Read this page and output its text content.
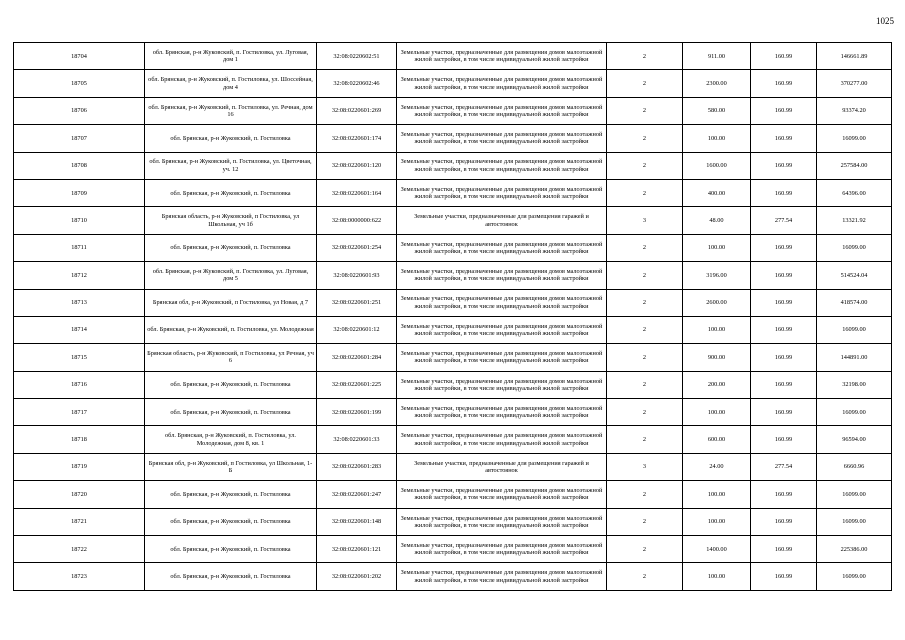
1025
18704	обл. Брянская, р-н Жуковский, п. Гостиловка, ул. Луговая, дом 1	32:08:0220602:51	Земельные участки, предназначенные для размещения домов малоэтажной жилой застройки, в том числе индивидуальной жилой застройки	2	911.00	160.99	146661.89
18705	обл. Брянская, р-н Жуковский, п. Гостиловка, ул. Шоссейная, дом 4	32:08:0220602:46	Земельные участки, предназначенные для размещения домов малоэтажной жилой застройки, в том числе индивидуальной жилой застройки	2	2300.00	160.99	370277.00
18706	обл. Брянская, р-н Жуковский, п. Гостиловка, ул. Речная, дом 16	32:08:0220601:269	Земельные участки, предназначенные для размещения домов малоэтажной жилой застройки, в том числе индивидуальной жилой застройки	2	580.00	160.99	93374.20
18707	обл. Брянская, р-н Жуковский, п. Гостиловка	32:08:0220601:174	Земельные участки, предназначенные для размещения домов малоэтажной жилой застройки, в том числе индивидуальной жилой застройки	2	100.00	160.99	16099.00
18708	обл. Брянская, р-н Жуковский, п. Гостиловка, ул. Цветочная, уч. 12	32:08:0220601:120	Земельные участки, предназначенные для размещения домов малоэтажной жилой застройки, в том числе индивидуальной жилой застройки	2	1600.00	160.99	257584.00
18709	обл. Брянская, р-н Жуковский, п. Гостиловка	32:08:0220601:164	Земельные участки, предназначенные для размещения домов малоэтажной жилой застройки, в том числе индивидуальной жилой застройки	2	400.00	160.99	64396.00
18710	Брянская область, р-н Жуковский, п Гостиловка, ул Школьная, уч 1б	32:08:0000000:622	Земельные участки, предназначенные для размещения гаражей и автостоянок	3	48.00	277.54	13321.92
18711	обл. Брянская, р-н Жуковский, п. Гостиловка	32:08:0220601:254	Земельные участки, предназначенные для размещения домов малоэтажной жилой застройки, в том числе индивидуальной жилой застройки	2	100.00	160.99	16099.00
18712	обл. Брянская, р-н Жуковский, п. Гостиловка, ул. Луговая, дом 5	32:08:0220601:93	Земельные участки, предназначенные для размещения домов малоэтажной жилой застройки, в том числе индивидуальной жилой застройки	2	3196.00	160.99	514524.04
18713	Брянская обл, р-н Жуковский, п Гостиловка, ул Новая, д 7	32:08:0220601:251	Земельные участки, предназначенные для размещения домов малоэтажной жилой застройки, в том числе индивидуальной жилой застройки	2	2600.00	160.99	418574.00
18714	обл. Брянская, р-н Жуковский, п. Гостиловка, ул. Молодежная	32:08:0220601:12	Земельные участки, предназначенные для размещения домов малоэтажной жилой застройки, в том числе индивидуальной жилой застройки	2	100.00	160.99	16099.00
18715	Брянская область, р-н Жуковский, п Гостиловка, ул Речная, уч 6	32:08:0220601:284	Земельные участки, предназначенные для размещения домов малоэтажной жилой застройки, в том числе индивидуальной жилой застройки	2	900.00	160.99	144891.00
18716	обл. Брянская, р-н Жуковский, п. Гостиловка	32:08:0220601:225	Земельные участки, предназначенные для размещения домов малоэтажной жилой застройки, в том числе индивидуальной жилой застройки	2	200.00	160.99	32198.00
18717	обл. Брянская, р-н Жуковский, п. Гостиловка	32:08:0220601:199	Земельные участки, предназначенные для размещения домов малоэтажной жилой застройки, в том числе индивидуальной жилой застройки	2	100.00	160.99	16099.00
18718	обл. Брянская, р-н Жуковский, п. Гостиловка, ул. Молодежная, дом 8, кв. 1	32:08:0220601:33	Земельные участки, предназначенные для размещения домов малоэтажной жилой застройки, в том числе индивидуальной жилой застройки	2	600.00	160.99	96594.00
18719	Брянская обл, р-н Жуковский, п Гостиловка, ул Школьная, 1-Б	32:08:0220601:283	Земельные участки, предназначенные для размещения гаражей и автостоянок	3	24.00	277.54	6660.96
18720	обл. Брянская, р-н Жуковский, п. Гостиловка	32:08:0220601:247	Земельные участки, предназначенные для размещения домов малоэтажной жилой застройки, в том числе индивидуальной жилой застройки	2	100.00	160.99	16099.00
18721	обл. Брянская, р-н Жуковский, п. Гостиловка	32:08:0220601:148	Земельные участки, предназначенные для размещения домов малоэтажной жилой застройки, в том числе индивидуальной жилой застройки	2	100.00	160.99	16099.00
18722	обл. Брянская, р-н Жуковский, п. Гостиловка	32:08:0220601:121	Земельные участки, предназначенные для размещения домов малоэтажной жилой застройки, в том числе индивидуальной жилой застройки	2	1400.00	160.99	225386.00
18723	обл. Брянская, р-н Жуковский, п. Гостиловка	32:08:0220601:202	Земельные участки, предназначенные для размещения домов малоэтажной жилой застройки, в том числе индивидуальной жилой застройки	2	100.00	160.99	16099.00
